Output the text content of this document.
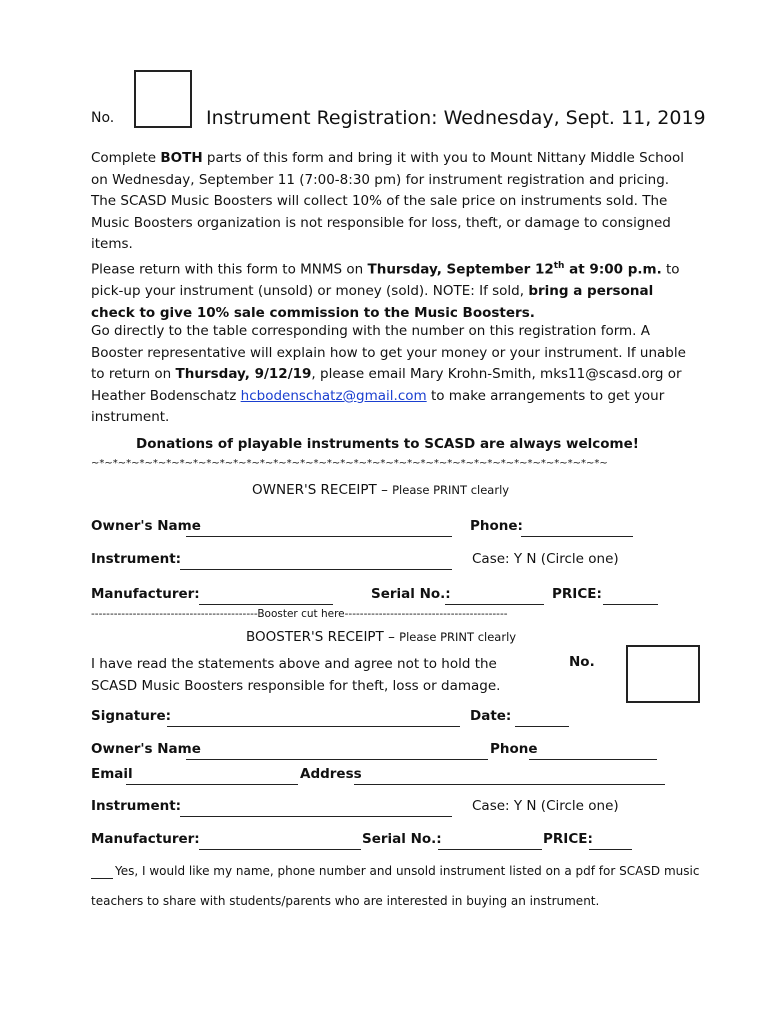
No.	Instrument Registration: Wednesday, Sept. 11, 2019
Complete BOTH parts of this form and bring it with you to Mount Nittany Middle School on Wednesday, September 11 (7:00-8:30 pm) for instrument registration and pricing.
The SCASD Music Boosters will collect 10% of the sale price on instruments sold. The Music Boosters organization is not responsible for loss, theft, or damage to consigned items.
Please return with this form to MNMS on Thursday, September 12th at 9:00 p.m. to pick-up your instrument (unsold) or money (sold). NOTE: If sold, bring a personal check to give 10% sale commission to the Music Boosters.
Go directly to the table corresponding with the number on this registration form. A Booster representative will explain how to get your money or your instrument. If unable to return on Thursday, 9/12/19, please email Mary Krohn-Smith, mks11@scasd.org or Heather Bodenschatz hcbodenschatz@gmail.com to make arrangements to get your instrument.
Donations of playable instruments to SCASD are always welcome!
~*~*~*~*~*~*~*~*~*~*~*~*~*~*~*~*~*~*~*~*~*~*~*~*~*~*~*~*~*~*~*~*~*~*~*~*~*~*~
OWNER'S RECEIPT – Please PRINT clearly
Owner's Name	Phone:
Instrument:	Case: Y N (Circle one)
Manufacturer:	Serial No.:	PRICE:
--------------------------------------------Booster cut here-------------------------------------------
BOOSTER'S RECEIPT – Please PRINT clearly
I have read the statements above and agree not to hold the SCASD Music Boosters responsible for theft, loss or damage.
No.
Signature:	Date:
Owner's Name	Phone
Email	Address
Instrument:	Case: Y N (Circle one)
Manufacturer:	Serial No.:	PRICE:
Yes, I would like my name, phone number and unsold instrument listed on a pdf for SCASD music
teachers to share with students/parents who are interested in buying an instrument.
